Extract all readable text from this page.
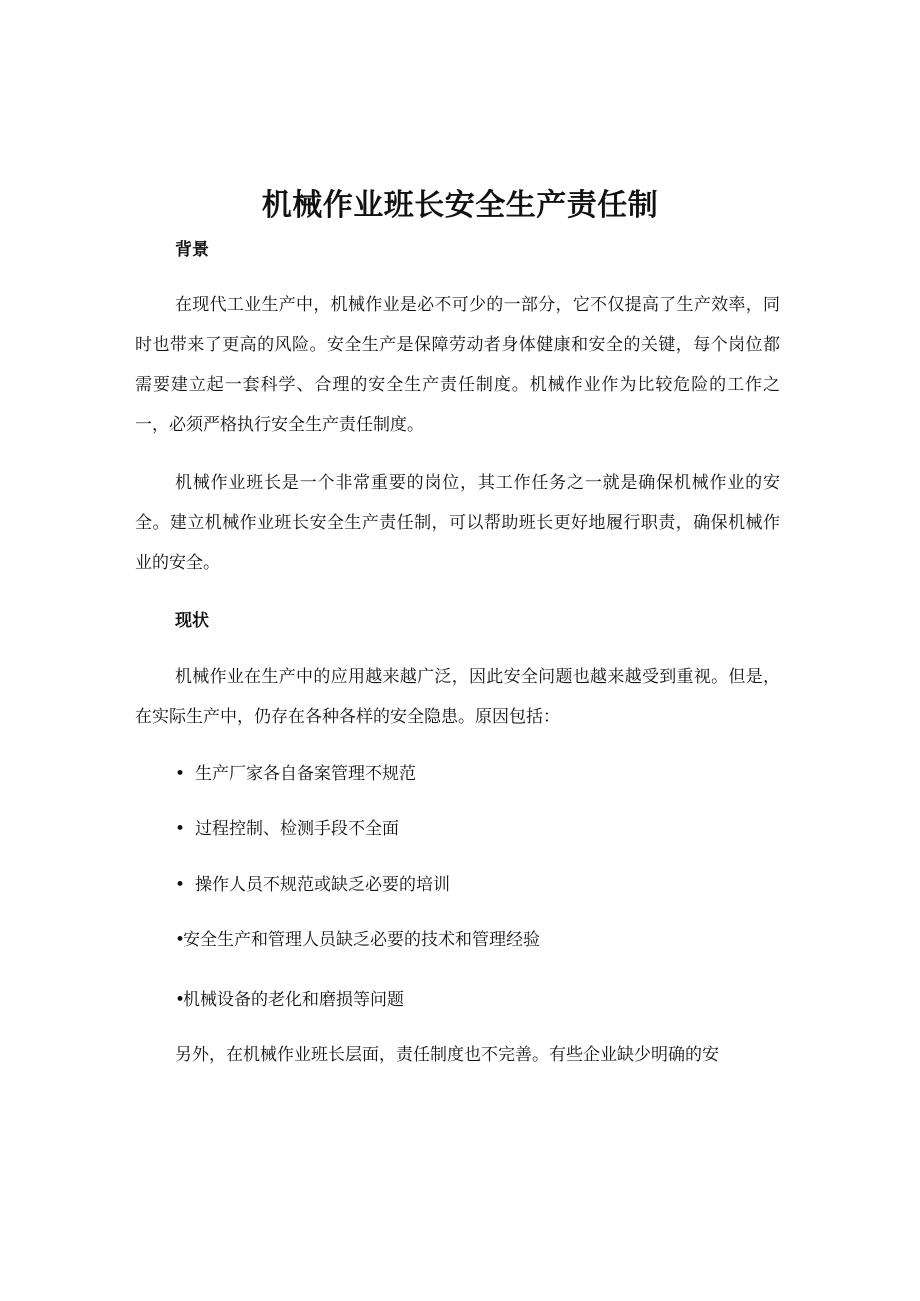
机械作业班长安全生产责任制
背景

在现代工业生产中，机械作业是必不可少的一部分，它不仅提高了生产效率，同时也带来了更高的风险。安全生产是保障劳动者身体健康和安全的关键，每个岗位都需要建立起一套科学、合理的安全生产责任制度。机械作业作为比较危险的工作之一，必须严格执行安全生产责任制度。

机械作业班长是一个非常重要的岗位，其工作任务之一就是确保机械作业的安全。建立机械作业班长安全生产责任制，可以帮助班长更好地履行职责，确保机械作业的安全。

现状

机械作业在生产中的应用越来越广泛，因此安全问题也越来越受到重视。但是，在实际生产中，仍存在各种各样的安全隐患。原因包括：

• 生产厂家各自备案管理不规范
• 过程控制、检测手段不全面
• 操作人员不规范或缺乏必要的培训
•安全生产和管理人员缺乏必要的技术和管理经验
•机械设备的老化和磨损等问题

另外，在机械作业班长层面，责任制度也不完善。有些企业缺少明确的安
